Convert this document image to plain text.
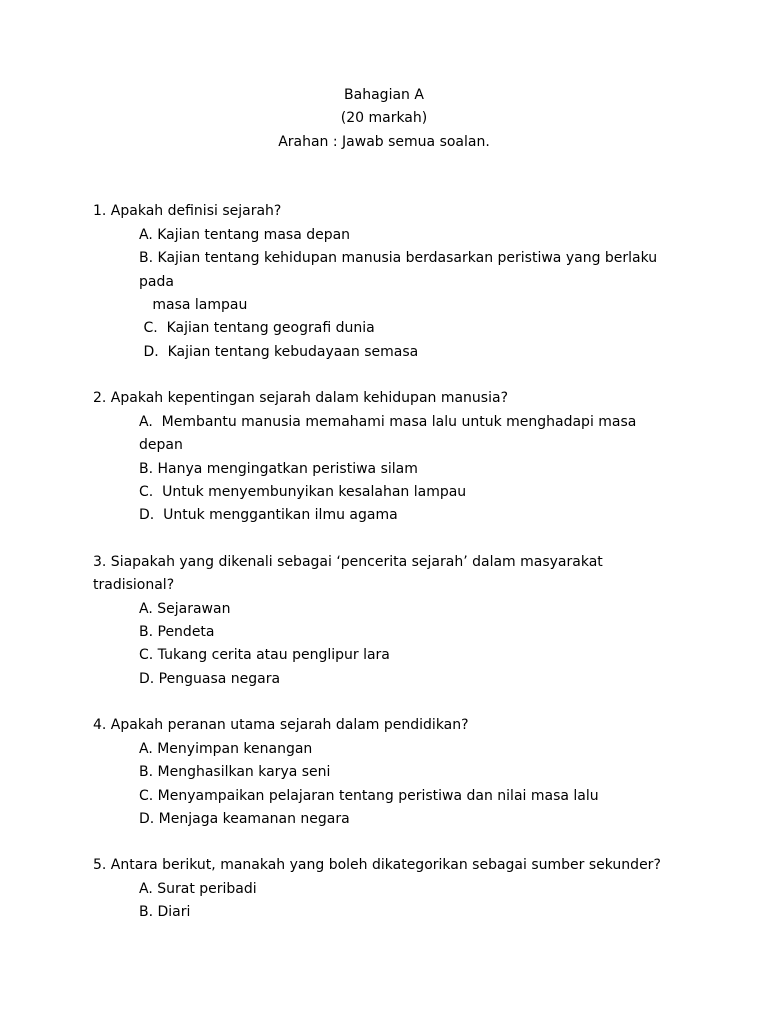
Bahagian A
(20 markah)
Arahan : Jawab semua soalan.
1. Apakah definisi sejarah?
A. Kajian tentang masa depan
B. Kajian tentang kehidupan manusia berdasarkan peristiwa yang berlaku
pada
masa lampau
C.  Kajian tentang geografi dunia
D.  Kajian tentang kebudayaan semasa
2. Apakah kepentingan sejarah dalam kehidupan manusia?
A.  Membantu manusia memahami masa lalu untuk menghadapi masa
depan
B. Hanya mengingatkan peristiwa silam
C.  Untuk menyembunyikan kesalahan lampau
D.  Untuk menggantikan ilmu agama
3. Siapakah yang dikenali sebagai ‘pencerita sejarah’ dalam masyarakat
tradisional?
A. Sejarawan
B. Pendeta
C. Tukang cerita atau penglipur lara
D. Penguasa negara
4. Apakah peranan utama sejarah dalam pendidikan?
A. Menyimpan kenangan
B. Menghasilkan karya seni
C. Menyampaikan pelajaran tentang peristiwa dan nilai masa lalu
D. Menjaga keamanan negara
5. Antara berikut, manakah yang boleh dikategorikan sebagai sumber sekunder?
A. Surat peribadi
B. Diari
